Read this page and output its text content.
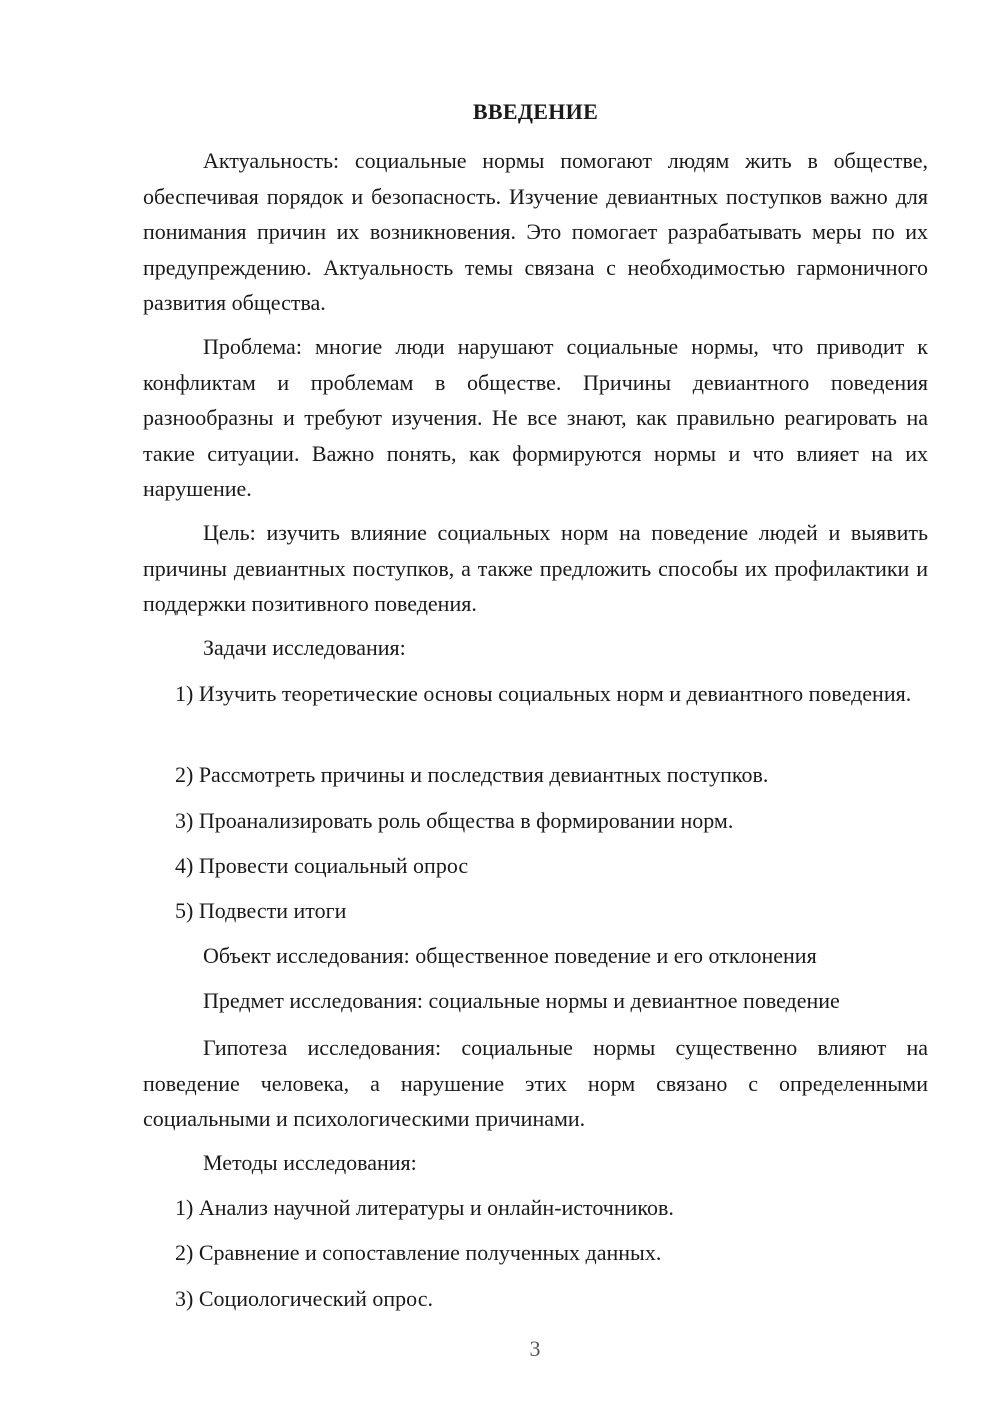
ВВЕДЕНИЕ

Актуальность: социальные нормы помогают людям жить в обществе, обеспечивая порядок и безопасность. Изучение девиантных поступков важно для понимания причин их возникновения. Это помогает разрабатывать меры по их предупреждению. Актуальность темы связана с необходимостью гармоничного развития общества.

Проблема: многие люди нарушают социальные нормы, что приводит к конфликтам и проблемам в обществе. Причины девиантного поведения разнообразны и требуют изучения. Не все знают, как правильно реагировать на такие ситуации. Важно понять, как формируются нормы и что влияет на их нарушение.

Цель: изучить влияние социальных норм на поведение людей и выявить причины девиантных поступков, а также предложить способы их профилактики и поддержки позитивного поведения.

Задачи исследования:

1) Изучить теоретические основы социальных норм и девиантного поведения.

2) Рассмотреть причины и последствия девиантных поступков.

3) Проанализировать роль общества в формировании норм.

4) Провести социальный опрос

5) Подвести итоги

Объект исследования: общественное поведение и его отклонения

Предмет исследования: социальные нормы и девиантное поведение

Гипотеза исследования: социальные нормы существенно влияют на поведение человека, а нарушение этих норм связано с определенными социальными и психологическими причинами.

Методы исследования:

1) Анализ научной литературы и онлайн-источников.

2) Сравнение и сопоставление полученных данных.

3) Социологический опрос.

3
